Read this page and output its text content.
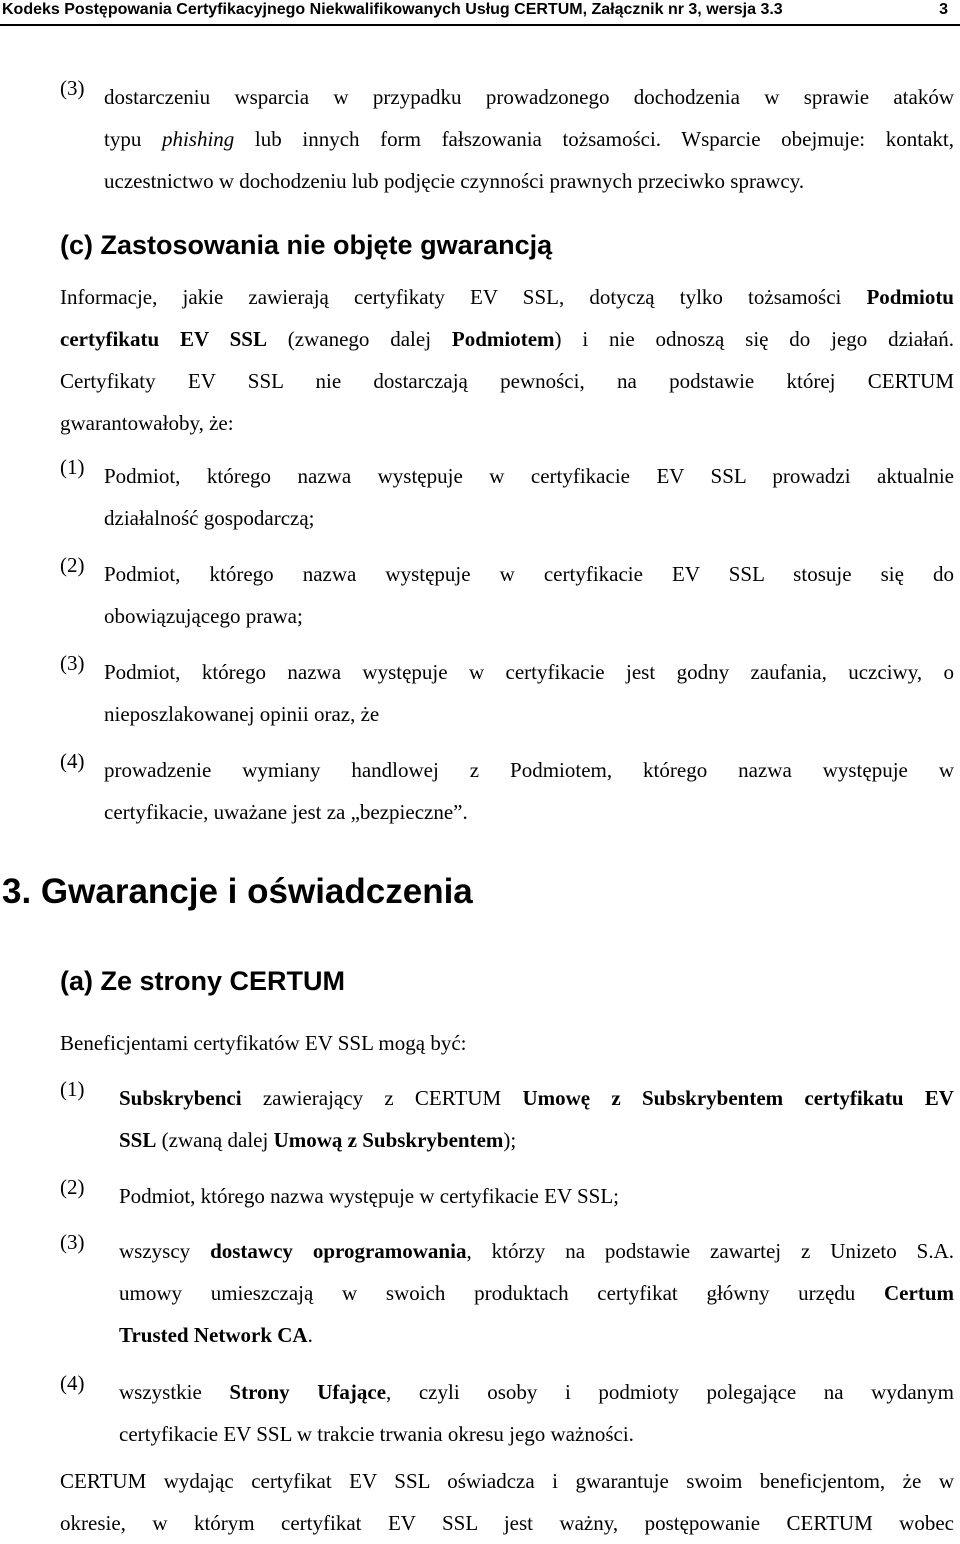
Kodeks Postępowania Certyfikacyjnego Niekwalifikowanych Usług CERTUM, Załącznik nr 3, wersja 3.3	3
(3) dostarczeniu wsparcia w przypadku prowadzonego dochodzenia w sprawie ataków
typu phishing lub innych form fałszowania tożsamości. Wsparcie obejmuje: kontakt,
uczestnictwo w dochodzeniu lub podjęcie czynności prawnych przeciwko sprawcy.
(c) Zastosowania nie objęte gwarancją
Informacje, jakie zawierają certyfikaty EV SSL, dotyczą tylko tożsamości Podmiotu
certyfikatu EV SSL (zwanego dalej Podmiotem) i nie odnoszą się do jego działań.
Certyfikaty EV SSL nie dostarczają pewności, na podstawie której CERTUM
gwarantowałoby, że:
(1) Podmiot, którego nazwa występuje w certyfikacie EV SSL prowadzi aktualnie
działalność gospodarczą;
(2) Podmiot, którego nazwa występuje w certyfikacie EV SSL stosuje się do
obowiązującego prawa;
(3) Podmiot, którego nazwa występuje w certyfikacie jest godny zaufania, uczciwy, o
nieposzlakowanej opinii oraz, że
(4) prowadzenie wymiany handlowej z Podmiotem, którego nazwa występuje w
certyfikacie, uważane jest za „bezpieczne”.
3. Gwarancje i oświadczenia
(a) Ze strony CERTUM
Beneficjentami certyfikatów EV SSL mogą być:
(1) Subskrybenci zawierający z CERTUM Umowę z Subskrybentem certyfikatu EV
SSL (zwaną dalej Umową z Subskrybentem);
(2) Podmiot, którego nazwa występuje w certyfikacie EV SSL;
(3) wszyscy dostawcy oprogramowania, którzy na podstawie zawartej z Unizeto S.A.
umowy umieszczają w swoich produktach certyfikat główny urzędu Certum
Trusted Network CA.
(4) wszystkie Strony Ufające, czyli osoby i podmioty polegające na wydanym
certyfikacie EV SSL w trakcie trwania okresu jego ważności.
CERTUM wydając certyfikat EV SSL oświadcza i gwarantuje swoim beneficjentom, że w
okresie, w którym certyfikat EV SSL jest ważny, postępowanie CERTUM wobec
